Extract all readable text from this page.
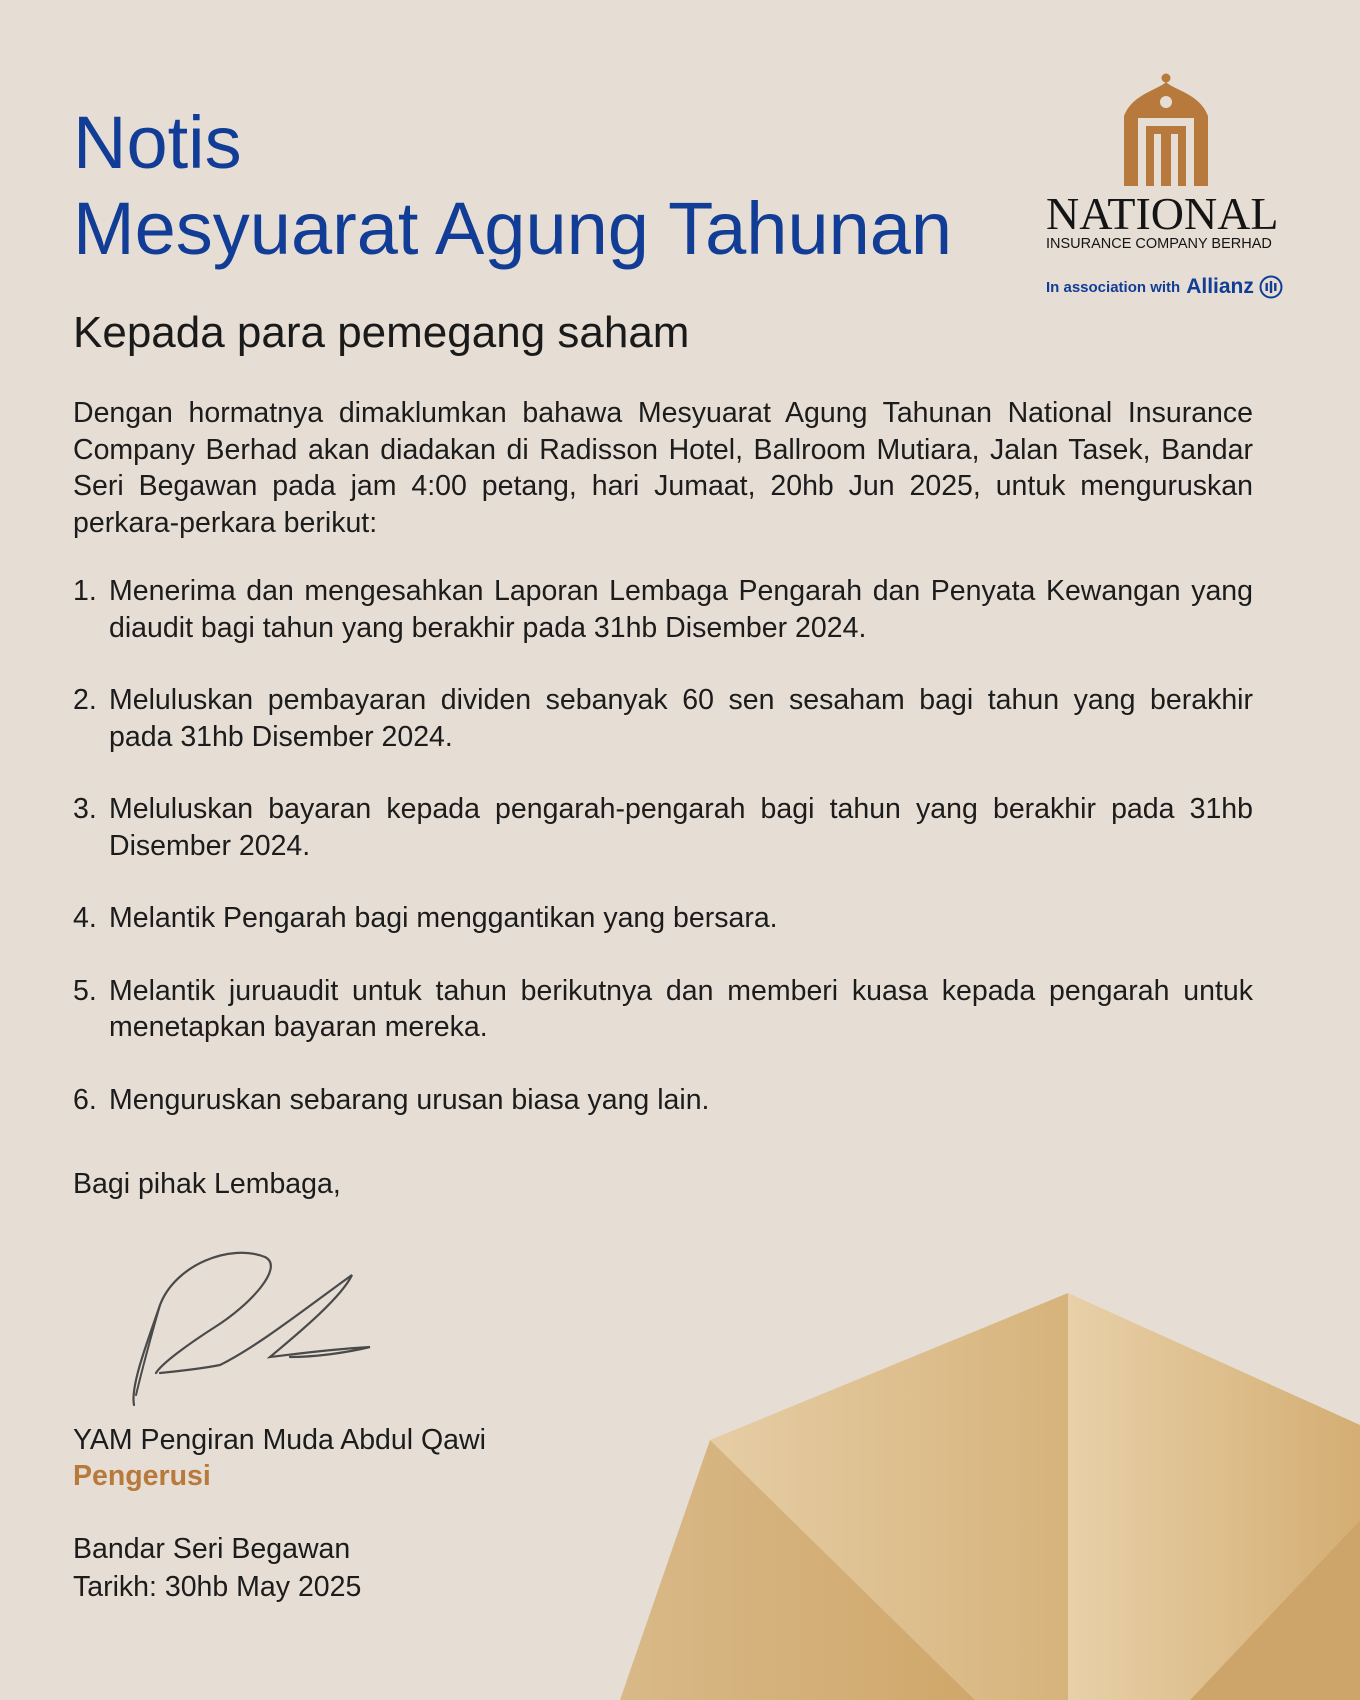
Notis
Mesyuarat Agung Tahunan NATIONAL
INSURANCE COMPANY BERHAD
In association with Allianz
Kepada para pemegang saham

Dengan hormatnya dimaklumkan bahawa Mesyuarat Agung Tahunan National Insurance Company Berhad akan diadakan di Radisson Hotel, Ballroom Mutiara, Jalan Tasek, Bandar Seri Begawan pada jam 4:00 petang, hari Jumaat, 20hb Jun 2025, untuk menguruskan perkara-perkara berikut:

1. Menerima dan mengesahkan Laporan Lembaga Pengarah dan Penyata Kewangan yang diaudit bagi tahun yang berakhir pada 31hb Disember 2024.
2. Meluluskan pembayaran dividen sebanyak 60 sen sesaham bagi tahun yang berakhir pada 31hb Disember 2024.
3. Meluluskan bayaran kepada pengarah-pengarah bagi tahun yang berakhir pada 31hb Disember 2024.
4. Melantik Pengarah bagi menggantikan yang bersara.
5. Melantik juruaudit untuk tahun berikutnya dan memberi kuasa kepada pengarah untuk menetapkan bayaran mereka.
6. Menguruskan sebarang urusan biasa yang lain.
Bagi pihak Lembaga,
YAM Pengiran Muda Abdul Qawi
Pengerusi
Bandar Seri Begawan
Tarikh: 30hb May 2025
